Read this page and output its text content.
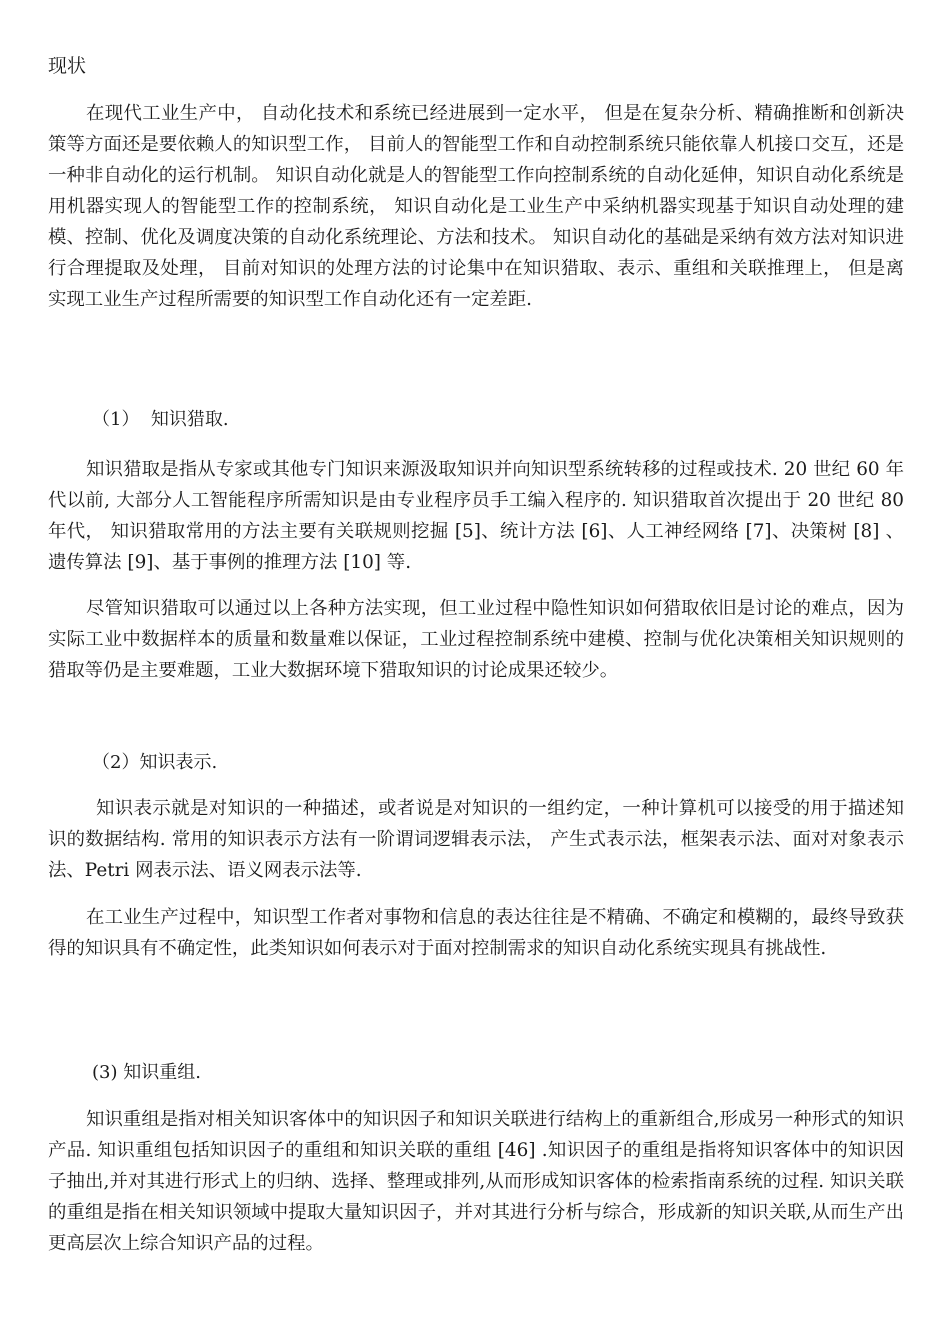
现状

在现代工业生产中， 自动化技术和系统已经进展到一定水平， 但是在复杂分析、精确推断和创新决策等方面还是要依赖人的知识型工作， 目前人的智能型工作和自动控制系统只能依靠人机接口交互，还是一种非自动化的运行机制。 知识自动化就是人的智能型工作向控制系统的自动化延伸，知识自动化系统是用机器实现人的智能型工作的控制系统， 知识自动化是工业生产中采纳机器实现基于知识自动处理的建模、控制、优化及调度决策的自动化系统理论、方法和技术。 知识自动化的基础是采纳有效方法对知识进行合理提取及处理， 目前对知识的处理方法的讨论集中在知识猎取、表示、重组和关联推理上， 但是离实现工业生产过程所需要的知识型工作自动化还有一定差距.

（1）  知识猎取.

知识猎取是指从专家或其他专门知识来源汲取知识并向知识型系统转移的过程或技术. 20 世纪 60 年代以前, 大部分人工智能程序所需知识是由专业程序员手工编入程序的. 知识猎取首次提出于 20 世纪 80 年代， 知识猎取常用的方法主要有关联规则挖掘 [5]、统计方法 [6]、人工神经网络 [7]、决策树 [8] 、遗传算法 [9]、基于事例的推理方法 [10] 等.

尽管知识猎取可以通过以上各种方法实现，但工业过程中隐性知识如何猎取依旧是讨论的难点，因为实际工业中数据样本的质量和数量难以保证，工业过程控制系统中建模、控制与优化决策相关知识规则的猎取等仍是主要难题，工业大数据环境下猎取知识的讨论成果还较少。

（2）知识表示.

知识表示就是对知识的一种描述，或者说是对知识的一组约定，一种计算机可以接受的用于描述知识的数据结构. 常用的知识表示方法有一阶谓词逻辑表示法， 产生式表示法，框架表示法、面对对象表示法、Petri 网表示法、语义网表示法等.

在工业生产过程中，知识型工作者对事物和信息的表达往往是不精确、不确定和模糊的，最终导致获得的知识具有不确定性，此类知识如何表示对于面对控制需求的知识自动化系统实现具有挑战性.

(3) 知识重组.

知识重组是指对相关知识客体中的知识因子和知识关联进行结构上的重新组合,形成另一种形式的知识产品. 知识重组包括知识因子的重组和知识关联的重组 [46] .知识因子的重组是指将知识客体中的知识因子抽出,并对其进行形式上的归纳、选择、整理或排列,从而形成知识客体的检索指南系统的过程. 知识关联的重组是指在相关知识领域中提取大量知识因子，并对其进行分析与综合，形成新的知识关联,从而生产出更高层次上综合知识产品的过程。
